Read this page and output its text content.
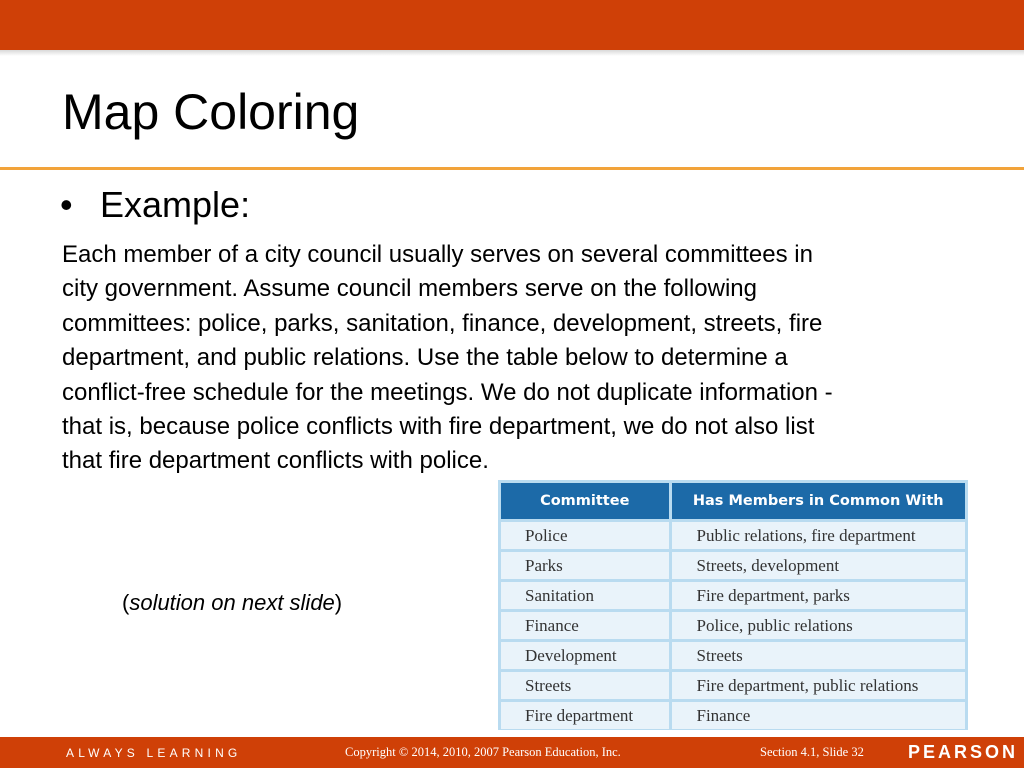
Map Coloring
• Example:
Each member of a city council usually serves on several committees in
city government. Assume council members serve on the following
committees: police, parks, sanitation, finance, development, streets, fire
department, and public relations. Use the table below to determine a
conflict-free schedule for the meetings. We do not duplicate information -
that is, because police conflicts with fire department, we do not also list
that fire department conflicts with police.
(solution on next slide)
Committee	Has Members in Common With
Police	Public relations, fire department
Parks	Streets, development
Sanitation	Fire department, parks
Finance	Police, public relations
Development	Streets
Streets	Fire department, public relations
Fire department	Finance
ALWAYS LEARNING	Copyright © 2014, 2010, 2007 Pearson Education, Inc.	Section 4.1, Slide 32 PEARSON
